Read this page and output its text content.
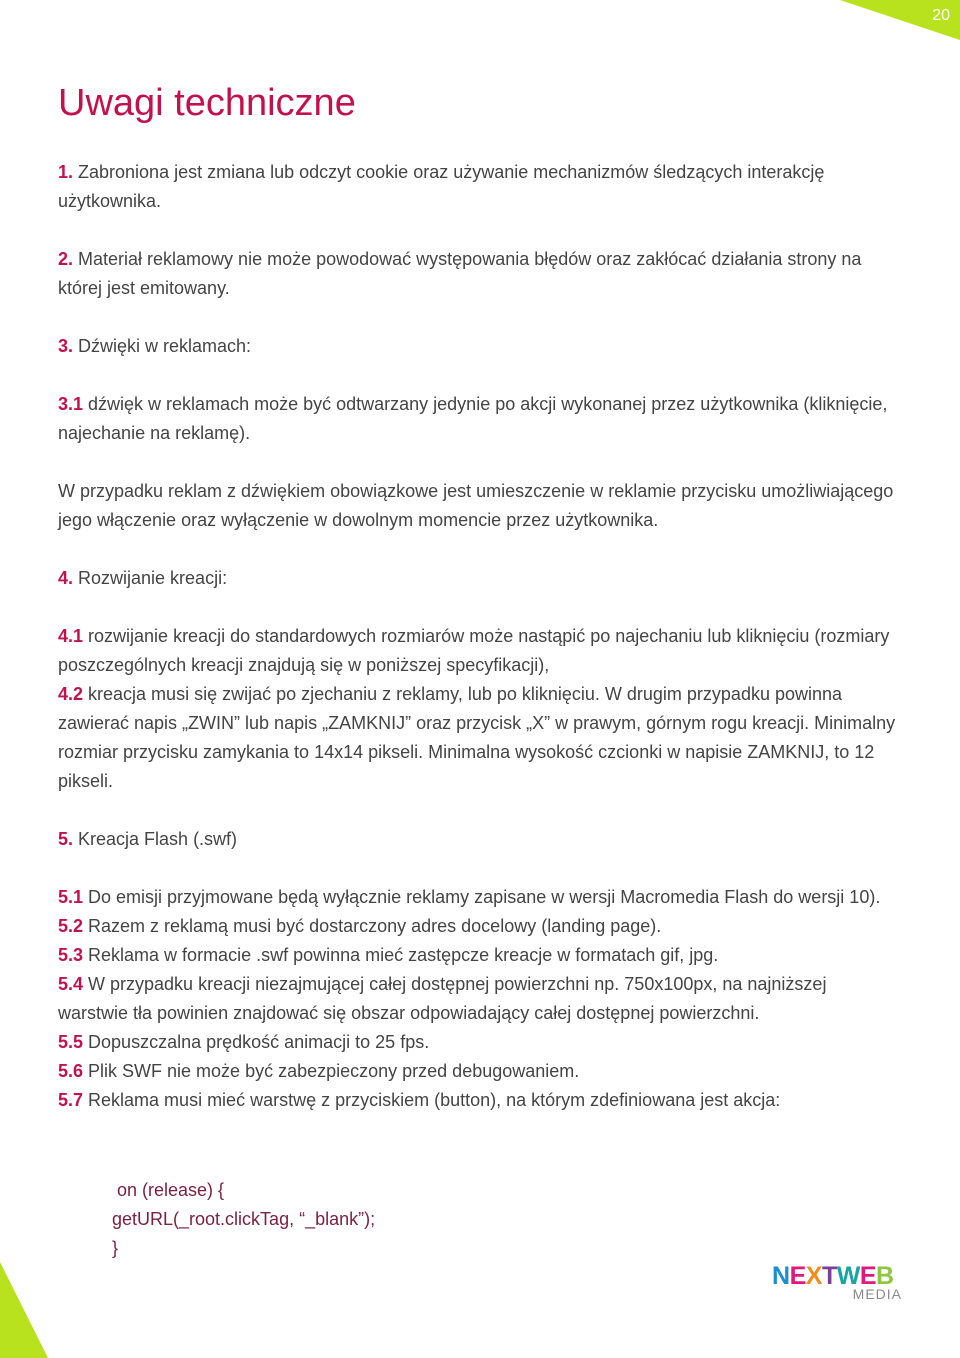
20
Uwagi techniczne

1. Zabroniona jest zmiana lub odczyt cookie oraz używanie mechanizmów śledzących interakcję użytkownika.

2. Materiał reklamowy nie może powodować występowania błędów oraz zakłócać działania strony na której jest emitowany.

3. Dźwięki w reklamach:

3.1 dźwięk w reklamach może być odtwarzany jedynie po akcji wykonanej przez użytkownika (kliknięcie, najechanie na reklamę).

W przypadku reklam z dźwiękiem obowiązkowe jest umieszczenie w reklamie przycisku umożliwiającego jego włączenie oraz wyłączenie w dowolnym momencie przez użytkownika.

4. Rozwijanie kreacji:

4.1 rozwijanie kreacji do standardowych rozmiarów może nastąpić po najechaniu lub kliknięciu (rozmiary poszczególnych kreacji znajdują się w poniższej specyfikacji),

4.2 kreacja musi się zwijać po zjechaniu z reklamy, lub po kliknięciu. W drugim przypadku powinna zawierać napis „ZWIN” lub napis „ZAMKNIJ” oraz przycisk „X” w prawym, górnym rogu kreacji. Minimalny rozmiar przycisku zamykania to 14x14 pikseli. Minimalna wysokość czcionki w napisie ZAMKNIJ, to 12 pikseli.

5. Kreacja Flash (.swf)

5.1 Do emisji przyjmowane będą wyłącznie reklamy zapisane w wersji Macromedia Flash do wersji 10).

5.2 Razem z reklamą musi być dostarczony adres docelowy (landing page).

5.3 Reklama w formacie .swf powinna mieć zastępcze kreacje w formatach gif, jpg.

5.4 W przypadku kreacji niezajmującej całej dostępnej powierzchni np. 750x100px, na najniższej warstwie tła powinien znajdować się obszar odpowiadający całej dostępnej powierzchni.

5.5 Dopuszczalna prędkość animacji to 25 fps.

5.6 Plik SWF nie może być zabezpieczony przed debugowaniem.

5.7 Reklama musi mieć warstwę z przyciskiem (button), na którym zdefiniowana jest akcja:

on (release) {
getURL(_root.clickTag, “_blank”);
}
NEXTWEB
MEDIA
